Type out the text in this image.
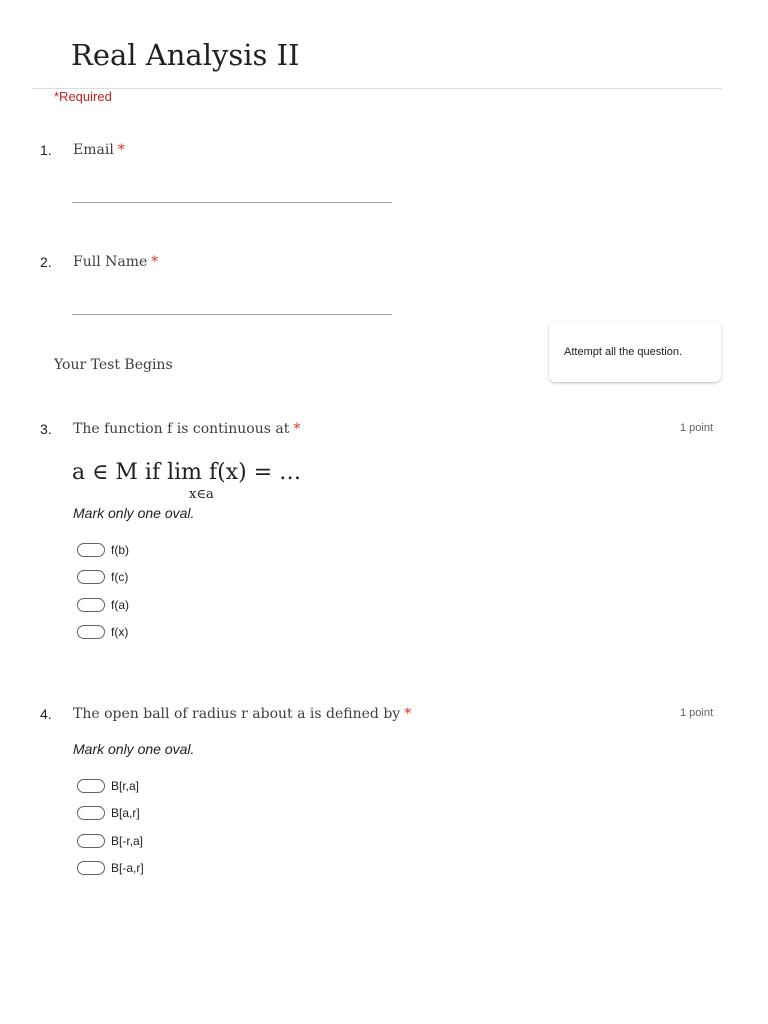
Real Analysis II
*Required
1. Email *
2. Full Name *
Your Test Begins
Attempt all the question.
3. The function f is continuous at *	1 point
a ∈ M if lim f(x) = …
x∈a
Mark only one oval.
f(b)
f(c)
f(a)
f(x)
4. The open ball of radius r about a is defined by *	1 point
Mark only one oval.
B[r,a]
B[a,r]
B[-r,a]
B[-a,r]
